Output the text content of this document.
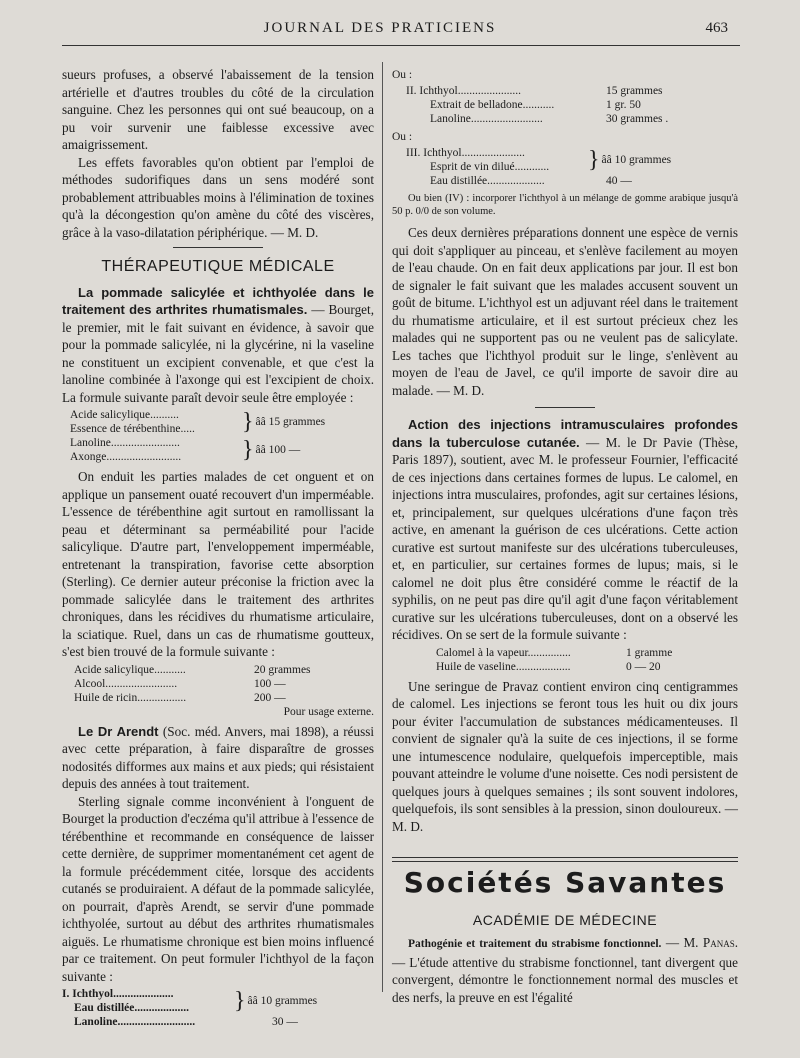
JOURNAL DES PRATICIENS	463

sueurs profuses, a observé l'abaissement de la tension artérielle et d'autres troubles du côté de la circulation sanguine. Chez les personnes qui ont sué beaucoup, on a pu voir survenir une faiblesse excessive avec amaigrissement.

Les effets favorables qu'on obtient par l'emploi de méthodes sudorifiques dans un sens modéré sont probablement attribuables moins à l'élimination de toxines qu'à la décongestion qu'on amène du côté des viscères, grâce à la vaso-dilatation périphérique. — M. D.

THÉRAPEUTIQUE MÉDICALE

La pommade salicylée et ichthyolée dans le traitement des arthrites rhumatismales. — Bourget, le premier, mit le fait suivant en évidence, à savoir que pour la pommade salicylée, ni la glycérine, ni la vaseline ne constituent un excipient convenable, et que c'est la lanoline combinée à l'axonge qui est l'excipient de choix. La formule suivante paraît devoir seule être employée :

Acide salicylique..........
Essence de térébenthine.....	} ââ 15 grammes
Lanoline........................
Axonge..........................	} ââ 100 —

On enduit les parties malades de cet onguent et on applique un pansement ouaté recouvert d'un imperméable. L'essence de térébenthine agit surtout en ramollissant la peau et déterminant sa perméabilité pour l'acide salicylique. D'autre part, l'enveloppement imperméable, entretenant la transpiration, favorise cette absorption (Sterling). Ce dernier auteur préconise la friction avec la pommade salicylée dans le traitement des arthrites chroniques, dans les récidives du rhumatisme articulaire, la sciatique. Ruel, dans un cas de rhumatisme goutteux, s'est bien trouvé de la formule suivante :

Acide salicylique...........	20 grammes
Alcool.........................	100 —
Huile de ricin.................	200 —
Pour usage externe.

Le Dr Arendt (Soc. méd. Anvers, mai 1898), a réussi avec cette préparation, à faire disparaître de grosses nodosités difformes aux mains et aux pieds; qui résistaient depuis des années à tout traitement.

Sterling signale comme inconvénient à l'onguent de Bourget la production d'eczéma qu'il attribue à l'essence de térébenthine et recommande en conséquence de laisser cette dernière, de supprimer momentanément cet agent de la formule précédemment citée, lorsque des accidents cutanés se produiraient. A défaut de la pommade salicylée, on pourrait, d'après Arendt, se servir d'une pommade ichthyolée, surtout au début des arthrites rhumatismales aiguës. Le rhumatisme chronique est bien moins influencé par ce traitement. On peut formuler l'ichthyol de la façon suivante :

I. Ichthyol.....................
Eau distillée...................	} ââ 10 grammes
Lanoline...........................	30 —
Ou :
II. Ichthyol......................	15 grammes
Extrait de belladone...........	1 gr. 50
Lanoline.........................	30 grammes .
Ou :
III. Ichthyol......................
Esprit de vin dilué............	} ââ 10 grammes
Eau distillée....................	40 —

Ou bien (IV) : incorporer l'ichthyol à un mélange de gomme arabique jusqu'à 50 p. 0/0 de son volume.

Ces deux dernières préparations donnent une espèce de vernis qui doit s'appliquer au pinceau, et s'enlève facilement au moyen de l'eau chaude. On en fait deux applications par jour. Il est bon de signaler le fait suivant que les malades accusent souvent un goût de bitume. L'ichthyol est un adjuvant réel dans le traitement du rhumatisme articulaire, et il est surtout précieux chez les malades qui ne supportent pas ou ne veulent pas de salicylate. Les taches que l'ichthyol produit sur le linge, s'enlèvent au moyen de l'eau de Javel, ce qu'il importe de savoir dire au malade. — M. D.

Action des injections intramusculaires profondes dans la tuberculose cutanée. — M. le Dr Pavie (Thèse, Paris 1897), soutient, avec M. le professeur Fournier, l'efficacité de ces injections dans certaines formes de lupus. Le calomel, en injections intra musculaires, profondes, agit sur certaines lésions, et, principalement, sur quelques ulcérations d'une façon très active, en amenant la guérison de ces ulcérations. Cette action curative est surtout manifeste sur des ulcérations tuberculeuses, et, en particulier, sur certaines formes de lupus; mais, si le calomel ne doit plus être considéré comme le réactif de la syphilis, on ne peut pas dire qu'il agit d'une façon véritablement curative sur les ulcérations tuberculeuses, dont on a observé les récidives. On se sert de la formule suivante :

Calomel à la vapeur...............	1 gramme
Huile de vaseline...................	0 — 20

Une seringue de Pravaz contient environ cinq centigrammes de calomel. Les injections se feront tous les huit ou dix jours pour éviter l'accumulation de substances médicamenteuses. Il convient de signaler qu'à la suite de ces injections, il se forme une intumescence nodulaire, quelquefois imperceptible, mais pouvant atteindre le volume d'une noisette. Ces nodi persistent de quelques jours à quelques semaines ; ils sont souvent indolores, quelquefois, ils sont sensibles à la pression, sinon douloureux. — M. D.

Sociétés Savantes
ACADÉMIE DE MÉDECINE

Pathogénie et traitement du strabisme fonctionnel. — M. Panas. — L'étude attentive du strabisme fonctionnel, tant divergent que convergent, démontre le fonctionnement normal des muscles et des nerfs, la preuve en est l'égalité
